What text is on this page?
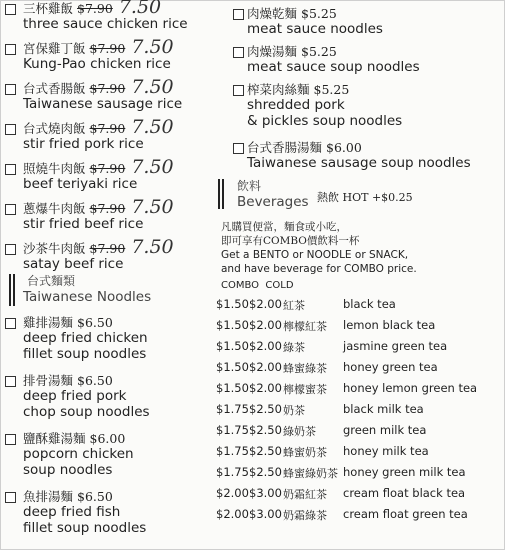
三杯雞飯 $7.90 7.50
three sauce chicken rice
宮保雞丁飯 $7.90 7.50
Kung-Pao chicken rice
台式香腸飯 $7.90 7.50
Taiwanese sausage rice
台式燒肉飯 $7.90 7.50
stir fried pork rice
照燒牛肉飯 $7.90 7.50
beef teriyaki rice
蔥爆牛肉飯 $7.90 7.50
stir fried beef rice
沙茶牛肉飯 $7.90 7.50
satay beef rice
台式麵類
Taiwanese Noodles
雞排湯麵 $6.50
deep fried chicken
fillet soup noodles
排骨湯麵 $6.50
deep fried pork
chop soup noodles
鹽酥雞湯麵 $6.00
popcorn chicken
soup noodles
魚排湯麵 $6.50
deep fried fish
fillet soup noodles
肉燥乾麵 $5.25
meat sauce noodles
肉燥湯麵 $5.25
meat sauce soup noodles
榨菜肉絲麵 $5.25
shredded pork
& pickles soup noodles
台式香腸湯麵 $6.00
Taiwanese sausage soup noodles
飲料
Beverages 熱飲 HOT +$0.25
凡購買便當，麵食或小吃，
即可享有COMBO價飲料一杯
Get a BENTO or NOODLE or SNACK,
and have beverage for COMBO price.
COMBO  COLD
$1.50 $2.00 紅茶	black tea
$1.50 $2.00 檸檬紅茶 lemon black tea
$1.50 $2.00 綠茶	jasmine green tea
$1.50 $2.00 蜂蜜綠茶 honey green tea
$1.50 $2.00 檸檬蜜茶 honey lemon green tea
$1.75 $2.50 奶茶	black milk tea
$1.75 $2.50 綠奶茶 green milk tea
$1.75 $2.50 蜂蜜奶茶 honey milk tea
$1.75 $2.50 蜂蜜綠奶茶 honey green milk tea
$2.00 $3.00 奶霜紅茶 cream float black tea
$2.00 $3.00 奶霜綠茶 cream float green tea
